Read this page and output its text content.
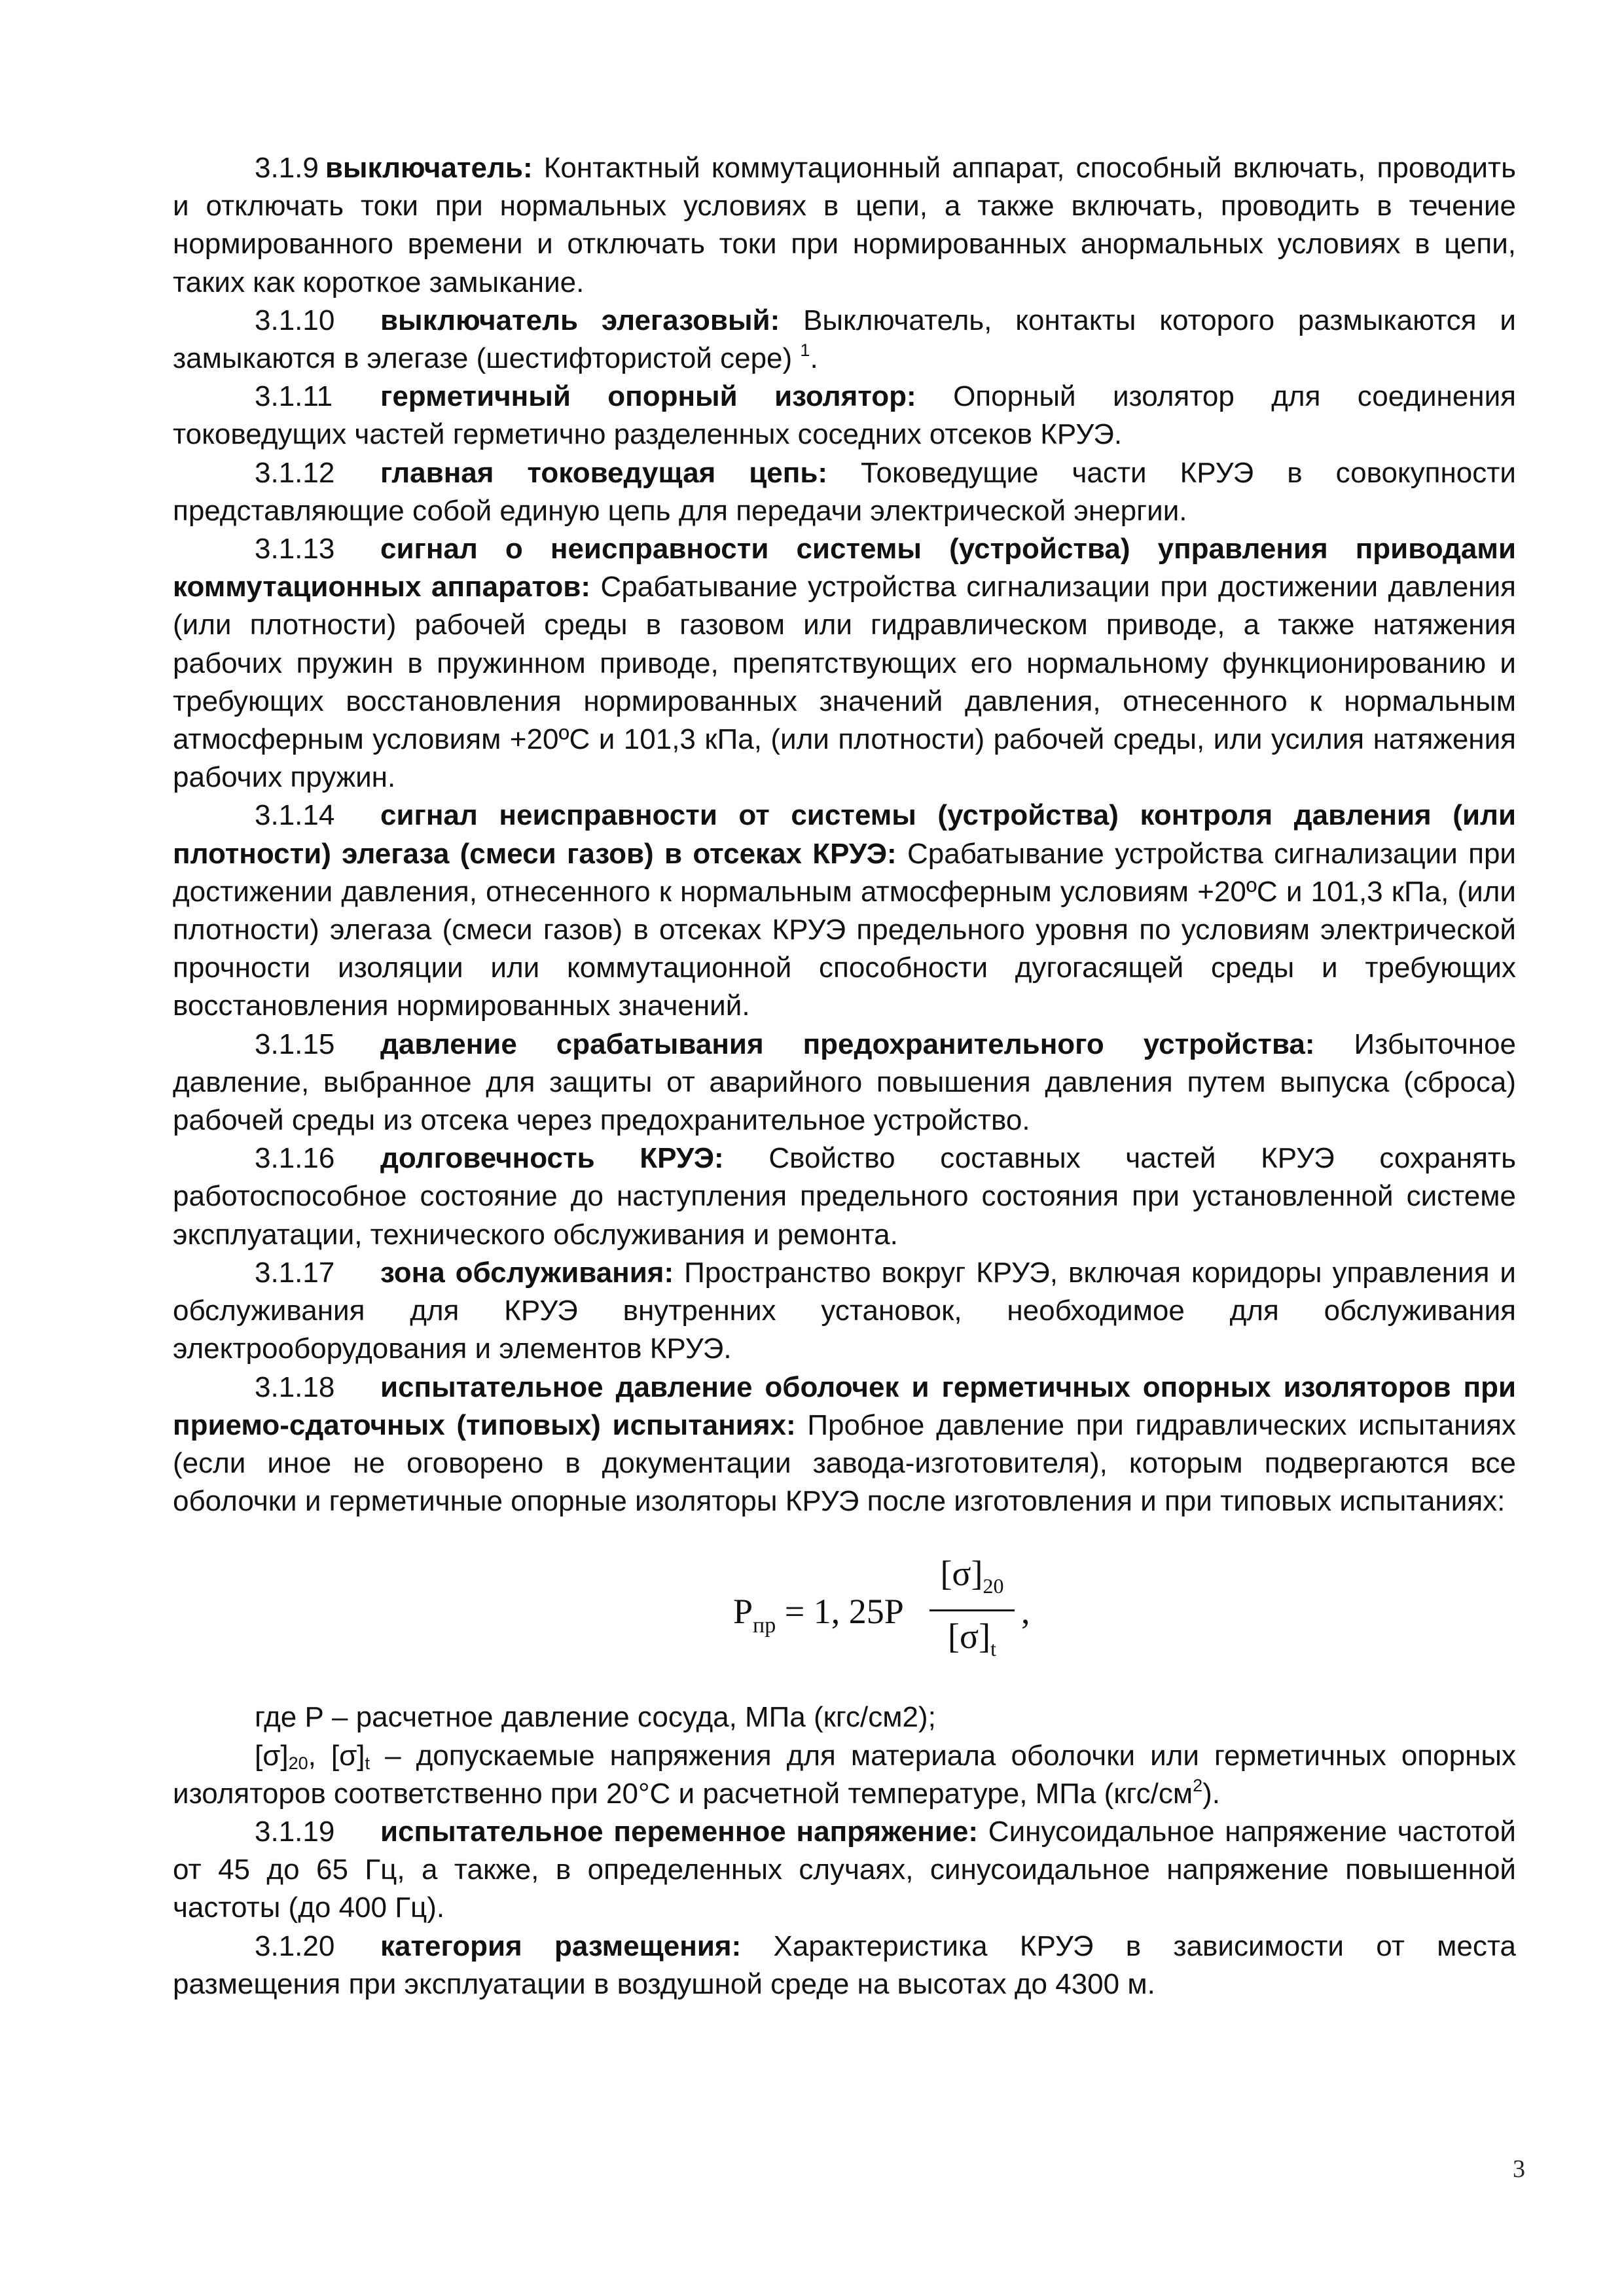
3.1.9 выключатель: Контактный коммутационный аппарат, способный включать, проводить и отключать токи при нормальных условиях в цепи, а также включать, проводить в течение нормированного времени и отключать токи при нормированных анормальных условиях в цепи, таких как короткое замыкание.

3.1.10 выключатель элегазовый: Выключатель, контакты которого размыкаются и замыкаются в элегазе (шестифтористой сере) $^1$.

3.1.11 герметичный опорный изолятор: Опорный изолятор для соединения токоведущих частей герметично разделенных соседних отсеков КРУЭ.

3.1.12 главная токоведущая цепь: Токоведущие части КРУЭ в совокупности представляющие собой единую цепь для передачи электрической энергии.

3.1.13 сигнал о неисправности системы (устройства) управления приводами коммутационных аппаратов: Срабатывание устройства сигнализации при достижении давления (или плотности) рабочей среды в газовом или гидравлическом приводе, а также натяжения рабочих пружин в пружинном приводе, препятствующих его нормальному функционированию и требующих восстановления нормированных значений давления, отнесенного к нормальным атмосферным условиям +20ºС и 101,3 кПа, (или плотности) рабочей среды, или усилия натяжения рабочих пружин.

3.1.14 сигнал неисправности от системы (устройства) контроля давления (или плотности) элегаза (смеси газов) в отсеках КРУЭ: Срабатывание устройства сигнализации при достижении давления, отнесенного к нормальным атмосферным условиям +20ºС и 101,3 кПа, (или плотности) элегаза (смеси газов) в отсеках КРУЭ предельного уровня по условиям электрической прочности изоляции или коммутационной способности дугогасящей среды и требующих восстановления нормированных значений.

3.1.15 давление срабатывания предохранительного устройства: Избыточное давление, выбранное для защиты от аварийного повышения давления путем выпуска (сброса) рабочей среды из отсека через предохранительное устройство.

3.1.16 долговечность КРУЭ: Свойство составных частей КРУЭ сохранять работоспособное состояние до наступления предельного состояния при установленной системе эксплуатации, технического обслуживания и ремонта.

3.1.17 зона обслуживания: Пространство вокруг КРУЭ, включая коридоры управления и обслуживания для КРУЭ внутренних установок, необходимое для обслуживания электрооборудования и элементов КРУЭ.

3.1.18 испытательное давление оболочек и герметичных опорных изоляторов при приемо-сдаточных (типовых) испытаниях: Пробное давление при гидравлических испытаниях (если иное не оговорено в документации завода-изготовителя), которым подвергаются все оболочки и герметичные опорные изоляторы КРУЭ после изготовления и при типовых испытаниях:

$P_{пр} = 1$, 25P
$[\sigma]_{20}$
$[\sigma]_t$
,

где Р – расчетное давление сосуда, МПа (кгс/см2);

$[\sigma]_{20}$, $[\sigma]_t$ – допускаемые напряжения для материала оболочки или герметичных опорных изоляторов соответственно при 20°С и расчетной температуре, МПа $(кгс/см^2)$.

3.1.19 испытательное переменное напряжение: Синусоидальное напряжение частотой от 45 до 65 Гц, а также, в определенных случаях, синусоидальное напряжение повышенной частоты (до 400 Гц).

3.1.20 категория размещения: Характеристика КРУЭ в зависимости от места размещения при эксплуатации в воздушной среде на высотах до 4300 м.

3
